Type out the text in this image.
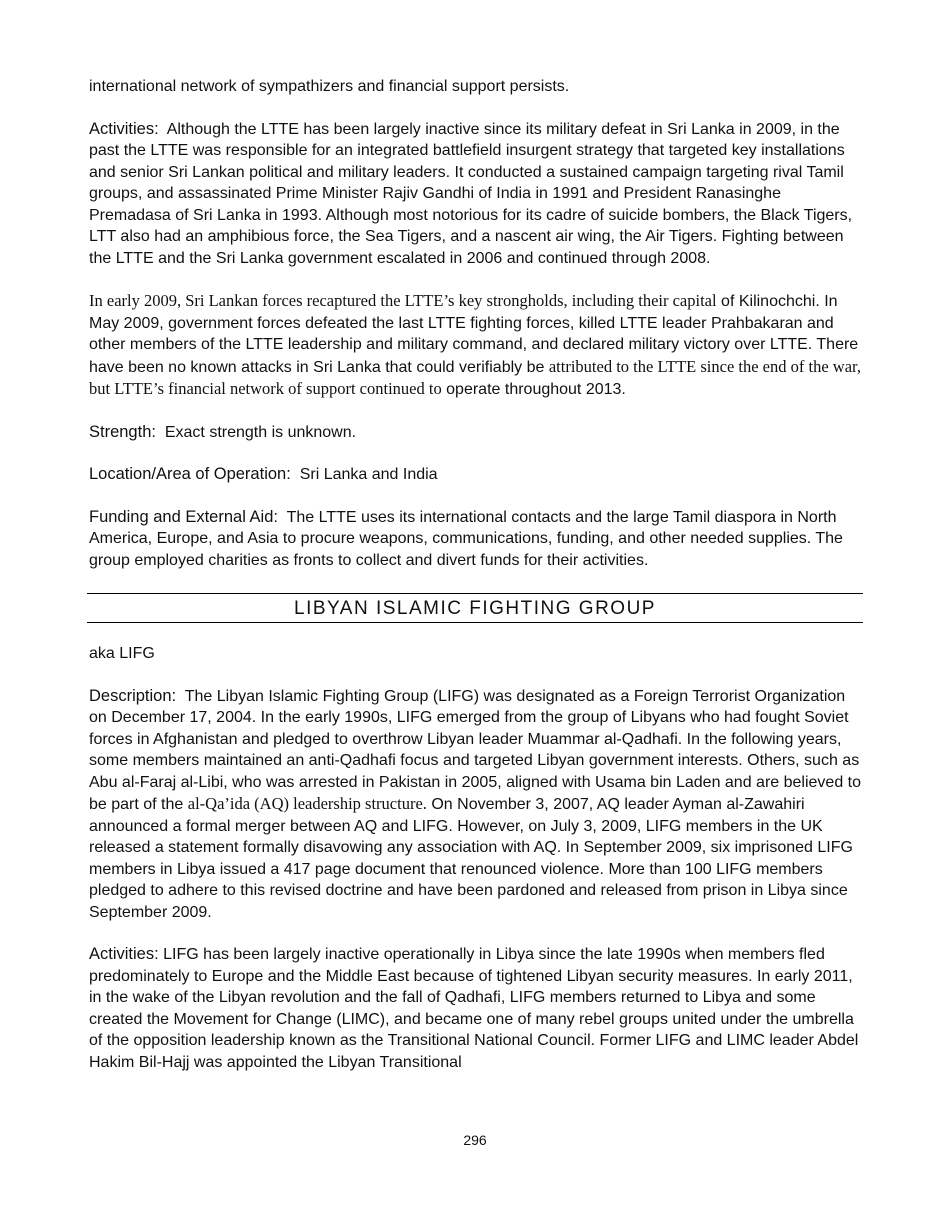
international network of sympathizers and financial support persists.

Activities: Although the LTTE has been largely inactive since its military defeat in Sri Lanka in 2009, in the past the LTTE was responsible for an integrated battlefield insurgent strategy that targeted key installations and senior Sri Lankan political and military leaders. It conducted a sustained campaign targeting rival Tamil groups, and assassinated Prime Minister Rajiv Gandhi of India in 1991 and President Ranasinghe Premadasa of Sri Lanka in 1993. Although most notorious for its cadre of suicide bombers, the Black Tigers, LTT also had an amphibious force, the Sea Tigers, and a nascent air wing, the Air Tigers. Fighting between the LTTE and the Sri Lanka government escalated in 2006 and continued through 2008.

In early 2009, Sri Lankan forces recaptured the LTTE’s key strongholds, including their capital of Kilinochchi. In May 2009, government forces defeated the last LTTE fighting forces, killed LTTE leader Prahbakaran and other members of the LTTE leadership and military command, and declared military victory over LTTE. There have been no known attacks in Sri Lanka that could verifiably be attributed to the LTTE since the end of the war, but LTTE’s financial network of support continued to operate throughout 2013.

Strength: Exact strength is unknown.

Location/Area of Operation: Sri Lanka and India

Funding and External Aid: The LTTE uses its international contacts and the large Tamil diaspora in North America, Europe, and Asia to procure weapons, communications, funding, and other needed supplies. The group employed charities as fronts to collect and divert funds for their activities.

LIBYAN ISLAMIC FIGHTING GROUP

aka LIFG

Description: The Libyan Islamic Fighting Group (LIFG) was designated as a Foreign Terrorist Organization on December 17, 2004. In the early 1990s, LIFG emerged from the group of Libyans who had fought Soviet forces in Afghanistan and pledged to overthrow Libyan leader Muammar al-Qadhafi. In the following years, some members maintained an anti-Qadhafi focus and targeted Libyan government interests. Others, such as Abu al-Faraj al-Libi, who was arrested in Pakistan in 2005, aligned with Usama bin Laden and are believed to be part of the al-Qa’ida (AQ) leadership structure. On November 3, 2007, AQ leader Ayman al-Zawahiri announced a formal merger between AQ and LIFG. However, on July 3, 2009, LIFG members in the UK released a statement formally disavowing any association with AQ. In September 2009, six imprisoned LIFG members in Libya issued a 417 page document that renounced violence. More than 100 LIFG members pledged to adhere to this revised doctrine and have been pardoned and released from prison in Libya since September 2009.

Activities: LIFG has been largely inactive operationally in Libya since the late 1990s when members fled predominately to Europe and the Middle East because of tightened Libyan security measures. In early 2011, in the wake of the Libyan revolution and the fall of Qadhafi, LIFG members returned to Libya and some created the Movement for Change (LIMC), and became one of many rebel groups united under the umbrella of the opposition leadership known as the Transitional National Council. Former LIFG and LIMC leader Abdel Hakim Bil-Hajj was appointed the Libyan Transitional

296
